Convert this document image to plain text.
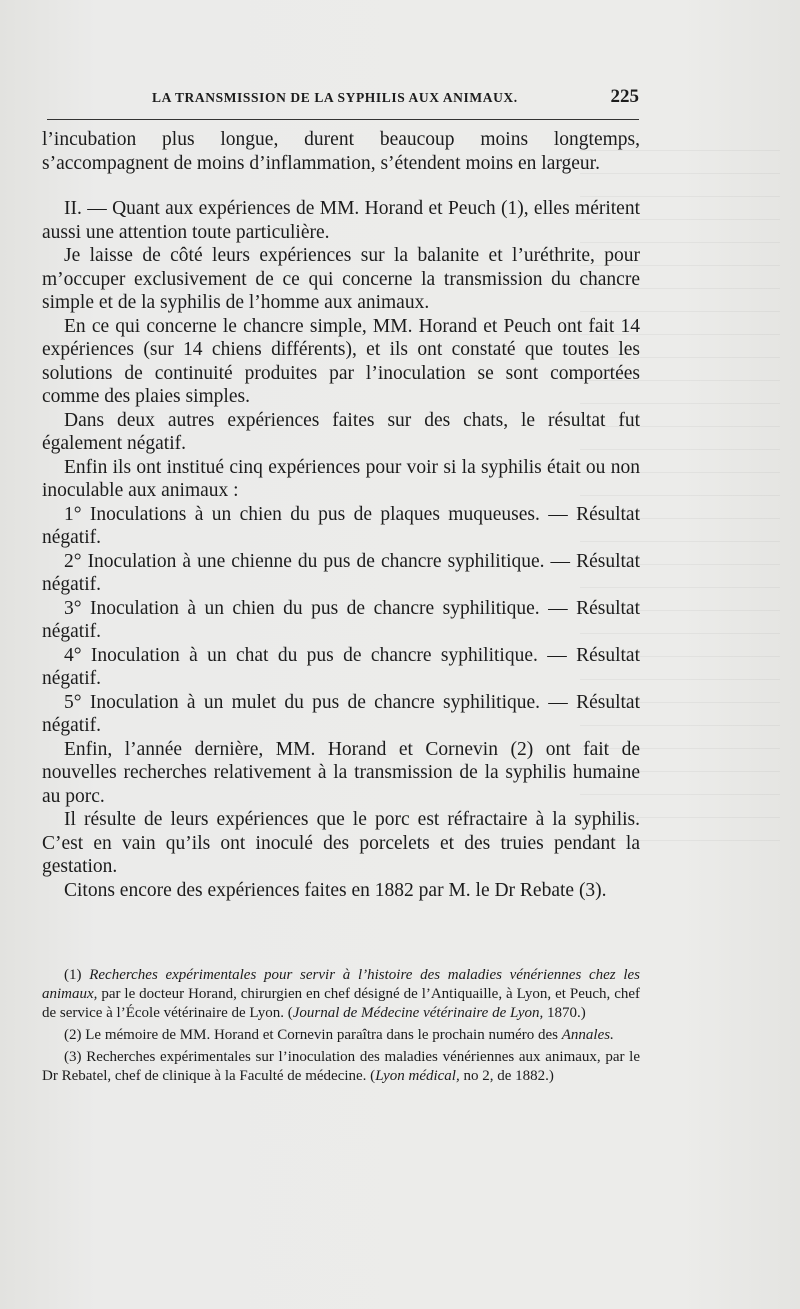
LA TRANSMISSION DE LA SYPHILIS AUX ANIMAUX.	225

l’incubation plus longue, durent beaucoup moins longtemps, s’accompagnent de moins d’inflammation, s’étendent moins en largeur.

II. — Quant aux expériences de MM. Horand et Peuch (1), elles méritent aussi une attention toute particulière.

Je laisse de côté leurs expériences sur la balanite et l’uréthrite, pour m’occuper exclusivement de ce qui concerne la transmission du chancre simple et de la syphilis de l’homme aux animaux.

En ce qui concerne le chancre simple, MM. Horand et Peuch ont fait 14 expériences (sur 14 chiens différents), et ils ont constaté que toutes les solutions de continuité produites par l’inoculation se sont comportées comme des plaies simples.

Dans deux autres expériences faites sur des chats, le résultat fut également négatif.

Enfin ils ont institué cinq expériences pour voir si la syphilis était ou non inoculable aux animaux :

1° Inoculations à un chien du pus de plaques muqueuses. — Résultat négatif.

2° Inoculation à une chienne du pus de chancre syphilitique. — Résultat négatif.

3° Inoculation à un chien du pus de chancre syphilitique. — Résultat négatif.

4° Inoculation à un chat du pus de chancre syphilitique. — Résultat négatif.

5° Inoculation à un mulet du pus de chancre syphilitique. — Résultat négatif.

Enfin, l’année dernière, MM. Horand et Cornevin (2) ont fait de nouvelles recherches relativement à la transmission de la syphilis humaine au porc.

Il résulte de leurs expériences que le porc est réfractaire à la syphilis. C’est en vain qu’ils ont inoculé des porcelets et des truies pendant la gestation.

Citons encore des expériences faites en 1882 par M. le Dr Rebate (3).

(1) Recherches expérimentales pour servir à l’histoire des maladies vénériennes chez les animaux, par le docteur Horand, chirurgien en chef désigné de l’Antiquaille, à Lyon, et Peuch, chef de service à l’École vétérinaire de Lyon. (Journal de Médecine vétérinaire de Lyon, 1870.)

(2) Le mémoire de MM. Horand et Cornevin paraîtra dans le prochain numéro des Annales.

(3) Recherches expérimentales sur l’inoculation des maladies vénériennes aux animaux, par le Dr Rebatel, chef de clinique à la Faculté de médecine. (Lyon médical, no 2, de 1882.)
